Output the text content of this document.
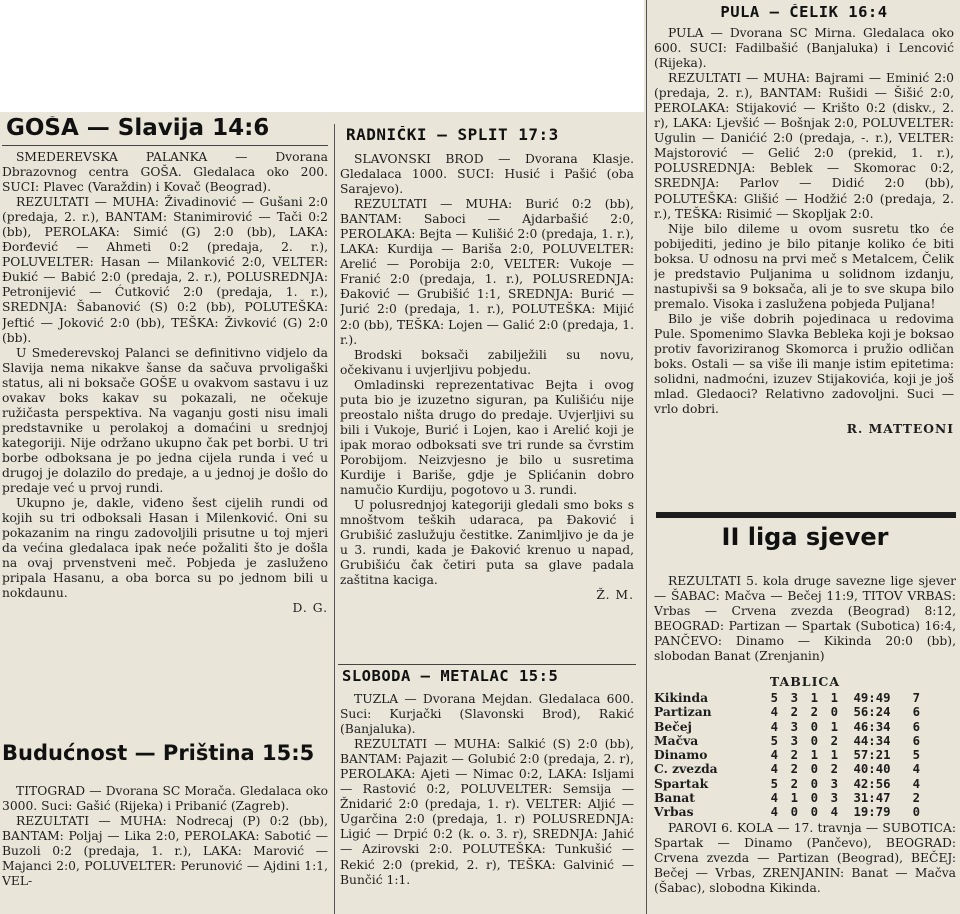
GOŠA — Slavija 14:6

SMEDEREVSKA PALANKA — Dvorana Dbrazovnog centra GOŠA. Gledalaca oko 200. SUCI: Plavec (Varaždin) i Kovač (Beograd).

REZULTATI — MUHA: Živadinović — Gušani 2:0 (predaja, 2. r.), BANTAM: Stanimirović — Tači 0:2 (bb), PEROLAKA: Simić (G) 2:0 (bb), LAKA: Đorđević — Ahmeti 0:2 (predaja, 2. r.), POLUVELTER: Hasan — Milanković 2:0, VELTER: Đukić — Babić 2:0 (predaja, 2. r.), POLUSREDNJA: Petronijević — Ćutković 2:0 (predaja, 1. r.), SREDNJA: Šabanović (S) 0:2 (bb), POLUTEŠKA: Jeftić — Joković 2:0 (bb), TEŠKA: Živković (G) 2:0 (bb).

U Smederevskoj Palanci se definitivno vidjelo da Slavija nema nikakve šanse da sačuva prvoligaški status, ali ni boksače GOŠE u ovakvom sastavu i uz ovakav boks kakav su pokazali, ne očekuje ružičasta perspektiva. Na vaganju gosti nisu imali predstavnike u perolakoj a domaćini u srednjoj kategoriji. Nije održano ukupno čak pet borbi. U tri borbe odboksana je po jedna cijela runda i već u drugoj je dolazilo do predaje, a u jednoj je došlo do predaje već u prvoj rundi.

Ukupno je, dakle, viđeno šest cijelih rundi od kojih su tri odboksali Hasan i Milenković. Oni su pokazanim na ringu zadovoljili prisutne u toj mjeri da većina gledalaca ipak neće požaliti što je došla na ovaj prvenstveni meč. Pobjeda je zasluženo pripala Hasanu, a oba borca su po jednom bili u nokdaunu.

D. G.

Budućnost — Priština 15:5

TITOGRAD — Dvorana SC Morača. Gledalaca oko 3000. Suci: Gašić (Rijeka) i Pribanić (Zagreb).

REZULTATI — MUHA: Nodrecaj (P) 0:2 (bb), BANTAM: Poljaj — Lika 2:0, PEROLAKA: Sabotić — Buzoli 0:2 (predaja, 1. r.), LAKA: Marović — Majanci 2:0, POLUVELTER: Perunović — Ajdini 1:1, VEL-

RADNIČKI — SPLIT 17:3

SLAVONSKI BROD — Dvorana Klasje. Gledalaca 1000. SUCI: Husić i Pašić (oba Sarajevo).

REZULTATI — MUHA: Burić 0:2 (bb), BANTAM: Saboci — Ajdarbašić 2:0, PEROLAKA: Bejta — Kulišić 2:0 (predaja, 1. r.), LAKA: Kurdija — Bariša 2:0, POLUVELTER: Arelić — Porobija 2:0, VELTER: Vukoje — Franić 2:0 (predaja, 1. r.), POLUSREDNJA: Đaković — Grubišić 1:1, SREDNJA: Burić — Jurić 2:0 (predaja, 1. r.), POLUTEŠKA: Mijić 2:0 (bb), TEŠKA: Lojen — Galić 2:0 (predaja, 1. r.).

Brodski boksači zabilježili su novu, očekivanu i uvjerljivu pobjedu.

Omladinski reprezentativac Bejta i ovog puta bio je izuzetno siguran, pa Kulišiću nije preostalo ništa drugo do predaje. Uvjerljivi su bili i Vukoje, Burić i Lojen, kao i Arelić koji je ipak morao odboksati sve tri runde sa čvrstim Porobijom. Neizvjesno je bilo u susretima Kurdije i Bariše, gdje je Splićanin dobro namučio Kurdiju, pogotovo u 3. rundi.

U polusrednjoj kategoriji gledali smo boks s mnoštvom teških udaraca, pa Đaković i Grubišić zaslužuju čestitke. Zanimljivo je da je u 3. rundi, kada je Đaković krenuo u napad, Grubišiću čak četiri puta sa glave padala zaštitna kaciga.

Ž. M.

SLOBODA — METALAC 15:5

TUZLA — Dvorana Mejdan. Gledalaca 600. Suci: Kurjački (Slavonski Brod), Rakić (Banjaluka).

REZULTATI — MUHA: Salkić (S) 2:0 (bb), BANTAM: Pajazit — Golubić 2:0 (predaja, 2. r), PEROLAKA: Ajeti — Nimac 0:2, LAKA: Isljami — Rastović 0:2, POLUVELTER: Semsija — Žnidarić 2:0 (predaja, 1. r). VELTER: Aljić — Ugarčina 2:0 (predaja, 1. r) POLUSREDNJA: Ligić — Drpić 0:2 (k. o. 3. r), SREDNJA: Jahić — Azirovski 2:0. POLUTEŠKA: Tunkušić — Rekić 2:0 (prekid, 2. r), TEŠKA: Galvinić — Bunčić 1:1.

PULA — ČELIK 16:4

PULA — Dvorana SC Mirna. Gledalaca oko 600. SUCI: Fadilbašić (Banjaluka) i Lencović (Rijeka).

REZULTATI — MUHA: Bajrami — Eminić 2:0 (predaja, 2. r.), BANTAM: Rušidi — Šišić 2:0, PEROLAKA: Stijaković — Krišto 0:2 (diskv., 2. r), LAKA: Ljevšić — Bošnjak 2:0, POLUVELTER: Ugulin — Danićić 2:0 (predaja, -. r.), VELTER: Majstorović — Gelić 2:0 (prekid, 1. r.), POLUSREDNJA: Beblek — Skomorac 0:2, SREDNJA: Parlov — Didić 2:0 (bb), POLUTEŠKA: Glišić — Hodžić 2:0 (predaja, 2. r.), TEŠKA: Risimić — Skopljak 2:0.

Nije bilo dileme u ovom susretu tko će pobijediti, jedino je bilo pitanje koliko će biti boksa. U odnosu na prvi meč s Metalcem, Čelik je predstavio Puljanima u solidnom izdanju, nastupivši sa 9 boksača, ali je to sve skupa bilo premalo. Visoka i zaslužena pobjeda Puljana!

Bilo je više dobrih pojedinaca u redovima Pule. Spomenimo Slavka Bebleka koji je boksao protiv favoriziranog Skomorca i pružio odličan boks. Ostali — sa više ili manje istim epitetima: solidni, nadmoćni, izuzev Stijakovića, koji je još mlad. Gledaoci? Relativno zadovoljni. Suci — vrlo dobri.

R. MATTEONI

II liga sjever

REZULTATI 5. kola druge savezne lige sjever — ŠABAC: Mačva — Bečej 11:9, TITOV VRBAS: Vrbas — Crvena zvezda (Beograd) 8:12, BEOGRAD: Partizan — Spartak (Subotica) 16:4, PANČEVO: Dinamo — Kikinda 20:0 (bb), slobodan Banat (Zrenjanin)

TABLICA
Kikinda	5	3	1	1	49:49	7
Partizan	4	2	2	0	56:24	6
Bečej	4	3	0	1	46:34	6
Mačva	5	3	0	2	44:34	6
Dinamo	4	2	1	1	57:21	5
C. zvezda	4	2	0	2	40:40	4
Spartak	5	2	0	3	42:56	4
Banat	4	1	0	3	31:47	2
Vrbas	4	0	0	4	19:79	0

PAROVI 6. KOLA — 17. travnja — SUBOTICA: Spartak — Dinamo (Pančevo), BEOGRAD: Crvena zvezda — Partizan (Beograd), BEČEJ: Bečej — Vrbas, ZRENJANIN: Banat — Mačva (Šabac), slobodna Kikinda.
